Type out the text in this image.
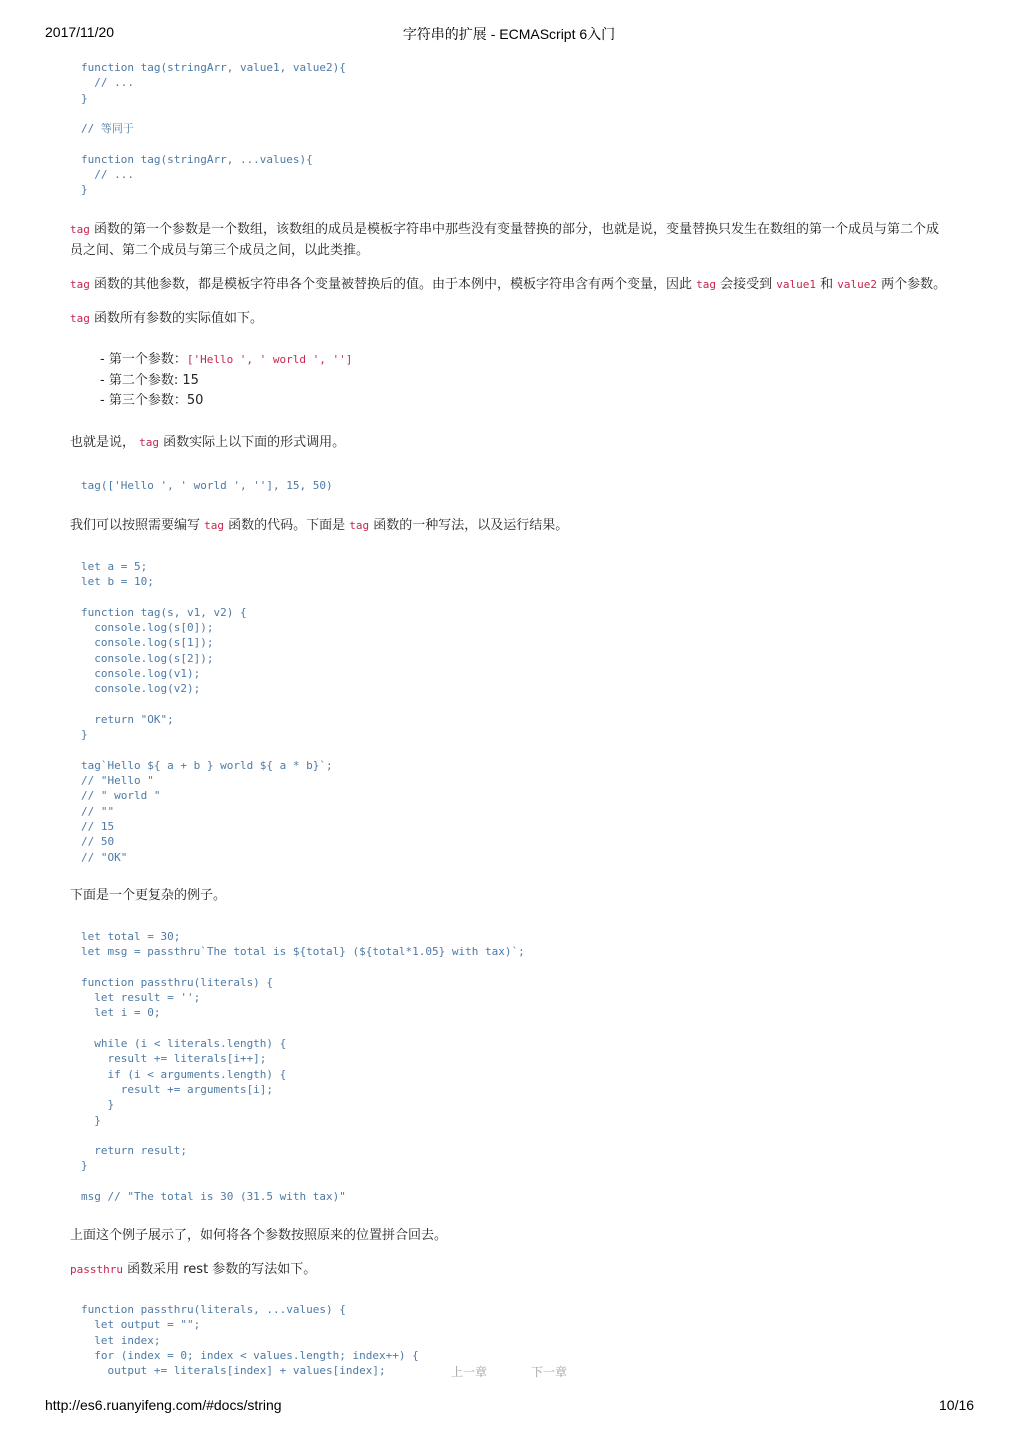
2017/11/20	字符串的扩展 - ECMAScript 6入门
function tag(stringArr, value1, value2){
// ...
}
// 等同于
function tag(stringArr, ...values){
// ...
}
tag 函数的第一个参数是一个数组，该数组的成员是模板字符串中那些没有变量替换的部分，也就是说，变量替换只发生在数组的第一个成员与第二个成
员之间、第二个成员与第三个成员之间，以此类推。
tag 函数的其他参数，都是模板字符串各个变量被替换后的值。由于本例中，模板字符串含有两个变量，因此 tag 会接受到 value1 和 value2 两个参数。
tag 函数所有参数的实际值如下。
- 第一个参数：['Hello ', ' world ', '']
- 第二个参数: 15
- 第三个参数：50
也就是说， tag 函数实际上以下面的形式调用。
tag(['Hello ', ' world ', ''], 15, 50)
我们可以按照需要编写 tag 函数的代码。下面是 tag 函数的一种写法，以及运行结果。
let a = 5;
let b = 10;
function tag(s, v1, v2) {
console.log(s[0]);
console.log(s[1]);
console.log(s[2]);
console.log(v1);
console.log(v2);
return "OK";
}
tag`Hello ${ a + b } world ${ a * b}`;
// "Hello "
// " world "
// ""
// 15
// 50
// "OK"
下面是一个更复杂的例子。
let total = 30;
let msg = passthru`The total is ${total} (${total*1.05} with tax)`;
function passthru(literals) {
let result = '';
let i = 0;
while (i < literals.length) {
result += literals[i++];
if (i < arguments.length) {
result += arguments[i];
}
}
return result;
}
msg // "The total is 30 (31.5 with tax)"
上面这个例子展示了，如何将各个参数按照原来的位置拼合回去。
passthru 函数采用 rest 参数的写法如下。
function passthru(literals, ...values) {
let output = "";
let index;
for (index = 0; index < values.length; index++) {
output += literals[index] + values[index];	上一章	下一章
http://es6.ruanyifeng.com/#docs/string	10/16
